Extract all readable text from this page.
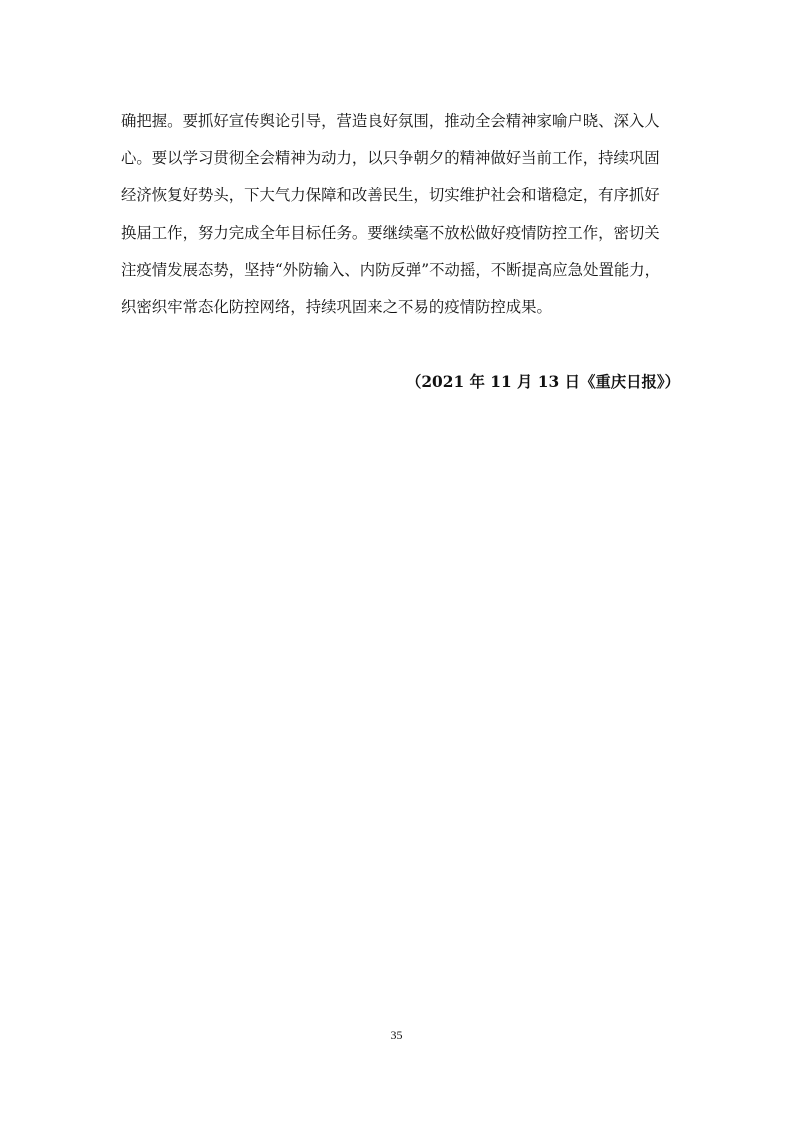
确把握。要抓好宣传舆论引导，营造良好氛围，推动全会精神家喻户晓、深入人
心。要以学习贯彻全会精神为动力，以只争朝夕的精神做好当前工作，持续巩固
经济恢复好势头，下大气力保障和改善民生，切实维护社会和谐稳定，有序抓好
换届工作，努力完成全年目标任务。要继续毫不放松做好疫情防控工作，密切关
注疫情发展态势，坚持“外防输入、内防反弹”不动摇，不断提高应急处置能力，
织密织牢常态化防控网络，持续巩固来之不易的疫情防控成果。
（2021 年 11 月 13 日《重庆日报》）
35
